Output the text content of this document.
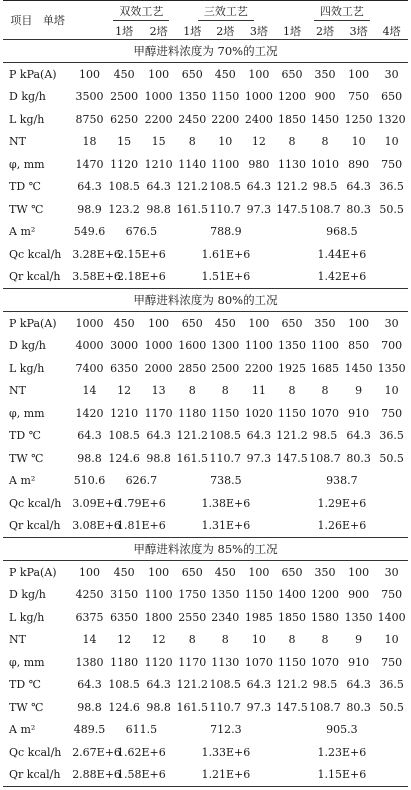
项目 单塔		双效工艺		三效工艺			四效工艺			
		1塔	2塔	1塔	2塔	3塔	1塔	2塔	3塔	4塔
甲醇进料浓度为 70%的工况										
P kPa(A)	100	450	100	650	450	100	650	350	100	30
D kg/h	3500	2500	1000	1350	1150	1000	1200	900	750	650
L kg/h	8750	6250	2200	2450	2200	2400	1850	1450	1250	1320
NT	18	15	15	8	10	12	8	8	10	10
φ, mm	1470	1120	1210	1140	1100	980	1130	1010	890	750
TD ℃	64.3	108.5	64.3	121.2	108.5	64.3	121.2	98.5	64.3	36.5
TW ℃	98.9	123.2	98.8	161.5	110.7	97.3	147.5	108.7	80.3	50.5
A m²	549.6	676.5		788.9			968.5			
Qc kcal/h	3.28E+6	2.15E+6		1.61E+6			1.44E+6			
Qr kcal/h	3.58E+6	2.18E+6		1.51E+6			1.42E+6			
甲醇进料浓度为 80%的工况										
P kPa(A)	1000	450	100	650	450	100	650	350	100	30
D kg/h	4000	3000	1000	1600	1300	1100	1350	1100	850	700
L kg/h	7400	6350	2000	2850	2500	2200	1925	1685	1450	1350
NT	14	12	13	8	8	11	8	8	9	10
φ, mm	1420	1210	1170	1180	1150	1020	1150	1070	910	750
TD ℃	64.3	108.5	64.3	121.2	108.5	64.3	121.2	98.5	64.3	36.5
TW ℃	98.8	124.6	98.8	161.5	110.7	97.3	147.5	108.7	80.3	50.5
A m²	510.6	626.7		738.5			938.7			
Qc kcal/h	3.09E+6	1.79E+6		1.38E+6			1.29E+6			
Qr kcal/h	3.08E+6	1.81E+6		1.31E+6			1.26E+6			
甲醇进料浓度为 85%的工况										
P kPa(A)	100	450	100	650	450	100	650	350	100	30
D kg/h	4250	3150	1100	1750	1350	1150	1400	1200	900	750
L kg/h	6375	6350	1800	2550	2340	1985	1850	1580	1350	1400
NT	14	12	12	8	8	10	8	8	9	10
φ, mm	1380	1180	1120	1170	1130	1070	1150	1070	910	750
TD ℃	64.3	108.5	64.3	121.2	108.5	64.3	121.2	98.5	64.3	36.5
TW ℃	98.8	124.6	98.8	161.5	110.7	97.3	147.5	108.7	80.3	50.5
A m²	489.5	611.5		712.3			905.3			
Qc kcal/h	2.67E+6	1.62E+6		1.33E+6			1.23E+6			
Qr kcal/h	2.88E+6	1.58E+6		1.21E+6			1.15E+6			
